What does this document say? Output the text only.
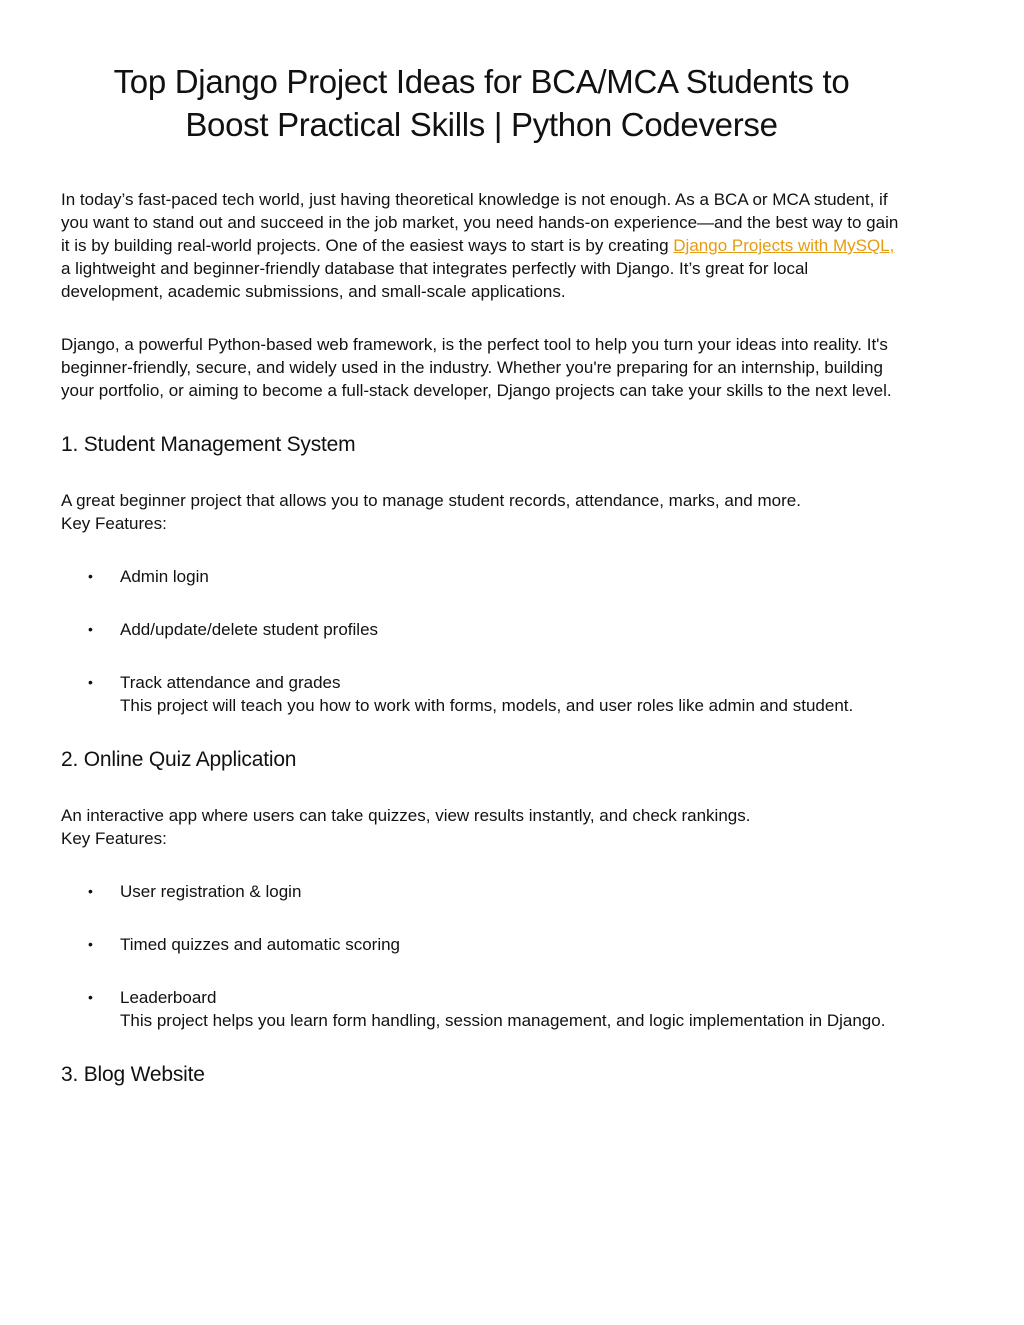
Top Django Project Ideas for BCA/MCA Students to
Boost Practical Skills | Python Codeverse

In today’s fast-paced tech world, just having theoretical knowledge is not enough. As a BCA or MCA student, if you want to stand out and succeed in the job market, you need hands-on experience—and the best way to gain it is by building real-world projects. One of the easiest ways to start is by creating Django Projects with MySQL, a lightweight and beginner-friendly database that integrates perfectly with Django. It’s great for local development, academic submissions, and small-scale applications.

Django, a powerful Python-based web framework, is the perfect tool to help you turn your ideas into reality. It's beginner-friendly, secure, and widely used in the industry. Whether you're preparing for an internship, building your portfolio, or aiming to become a full-stack developer, Django projects can take your skills to the next level.

1. Student Management System

A great beginner project that allows you to manage student records, attendance, marks, and more.

Key Features:

• Admin login
• Add/update/delete student profiles
• Track attendance and grades
This project will teach you how to work with forms, models, and user roles like admin and student.
2. Online Quiz Application

An interactive app where users can take quizzes, view results instantly, and check rankings.

Key Features:

• User registration & login
• Timed quizzes and automatic scoring
• Leaderboard
This project helps you learn form handling, session management, and logic implementation in Django.
3. Blog Website
